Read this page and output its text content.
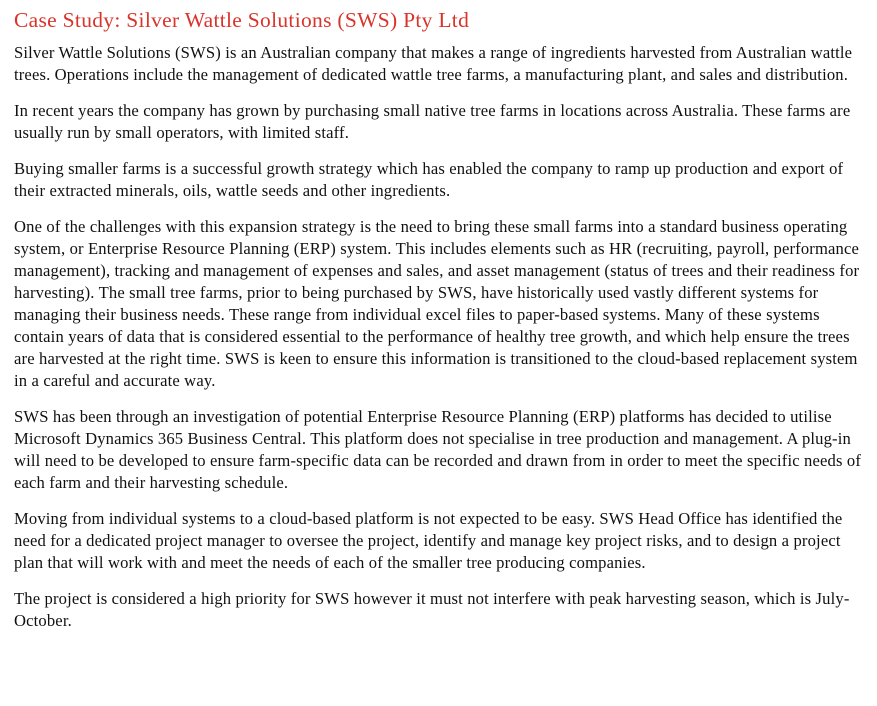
Case Study: Silver Wattle Solutions (SWS) Pty Ltd

Silver Wattle Solutions (SWS) is an Australian company that makes a range of ingredients harvested from Australian wattle trees. Operations include the management of dedicated wattle tree farms, a manufacturing plant, and sales and distribution.

In recent years the company has grown by purchasing small native tree farms in locations across Australia. These farms are usually run by small operators, with limited staff.

Buying smaller farms is a successful growth strategy which has enabled the company to ramp up production and export of their extracted minerals, oils, wattle seeds and other ingredients.

One of the challenges with this expansion strategy is the need to bring these small farms into a standard business operating system, or Enterprise Resource Planning (ERP) system. This includes elements such as HR (recruiting, payroll, performance management), tracking and management of expenses and sales, and asset management (status of trees and their readiness for harvesting). The small tree farms, prior to being purchased by SWS, have historically used vastly different systems for managing their business needs. These range from individual excel files to paper-based systems. Many of these systems contain years of data that is considered essential to the performance of healthy tree growth, and which help ensure the trees are harvested at the right time. SWS is keen to ensure this information is transitioned to the cloud-based replacement system in a careful and accurate way.

SWS has been through an investigation of potential Enterprise Resource Planning (ERP) platforms has decided to utilise Microsoft Dynamics 365 Business Central. This platform does not specialise in tree production and management. A plug-in will need to be developed to ensure farm-specific data can be recorded and drawn from in order to meet the specific needs of each farm and their harvesting schedule.

Moving from individual systems to a cloud-based platform is not expected to be easy. SWS Head Office has identified the need for a dedicated project manager to oversee the project, identify and manage key project risks, and to design a project plan that will work with and meet the needs of each of the smaller tree producing companies.

The project is considered a high priority for SWS however it must not interfere with peak harvesting season, which is July-October.
